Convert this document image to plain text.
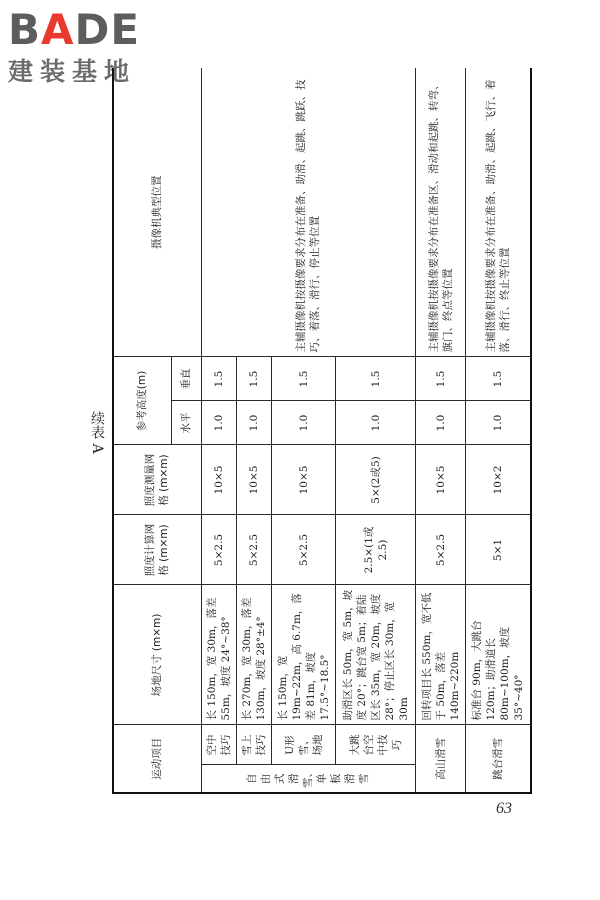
BADE
建装基地
续表 A
运动项目		场地尺寸 (m×m)	照度计算网格 (m×m)	照度测量网格 (m×m)	参考高度(m)		摄像机典型位置
					水平	垂直	
自由式滑雪、单板滑雪	空中技巧	长 150m，宽 30m，落差 55m，坡度 24°~38°	5×2.5	10×5	1.0	1.5	主辅摄像机按摄像要求分布在准备、助滑、起跳、跳跃、技巧、着落、滑行、停止等位置
	雪上技巧	长 270m，宽 30m，落差 130m，坡度 28°±4°	5×2.5	10×5	1.0	1.5	
	U形雪、场地	长 150m，宽 19m~22m，高 6.7m，落差 81m，坡度 17.5°~18.5°	5×2.5	10×5	1.0	1.5	
	大跳台空中技巧	助滑区长 50m，宽 5m，坡度 20°；跳台宽 5m；着陆区长 35m，宽 20m，坡度 28°；停止区长 30m，宽 30m	2.5×(1或2.5)	5×(2或5)	1.0	1.5	
高山滑雪		回转项目长 550m，宽不低于 50m，落差 140m~220m	5×2.5	10×5	1.0	1.5	主辅摄像机按摄像要求分布在准备区、滑动和起跳、转弯、旗门、终点等位置
跳台滑雪		标准台 90m，大跳台 120m；助滑道长 80m~100m，坡度 35°~40°	5×1	10×2	1.0	1.5	主辅摄像机按摄像要求分布在准备、助滑、起跳、飞行、着落、滑行、终止等位置
63
